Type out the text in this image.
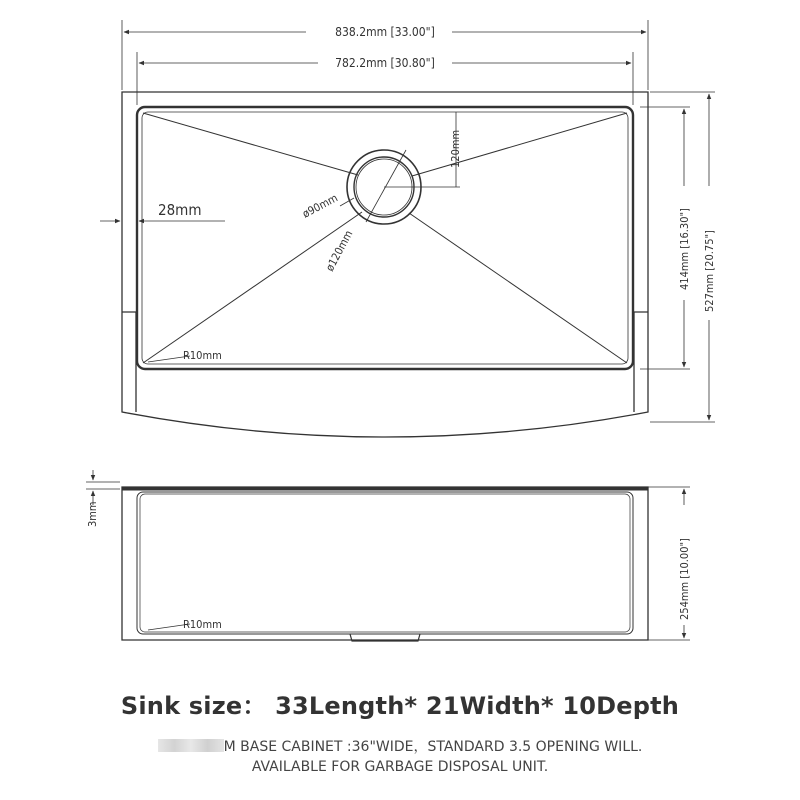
838.2mm [33.00"]
782.2mm [30.80"]
28mm	ø90mm
ø120mm
120mm
414mm [16.30"] 527mm [20.75"]
R10mm
3mm
254mm [10.00"]
R10mm
Sink size： 33Length* 21Width* 10Depth
M BASE CABINET :36"WIDE，STANDARD 3.5 OPENING WILL.
AVAILABLE FOR GARBAGE DISPOSAL UNIT.
